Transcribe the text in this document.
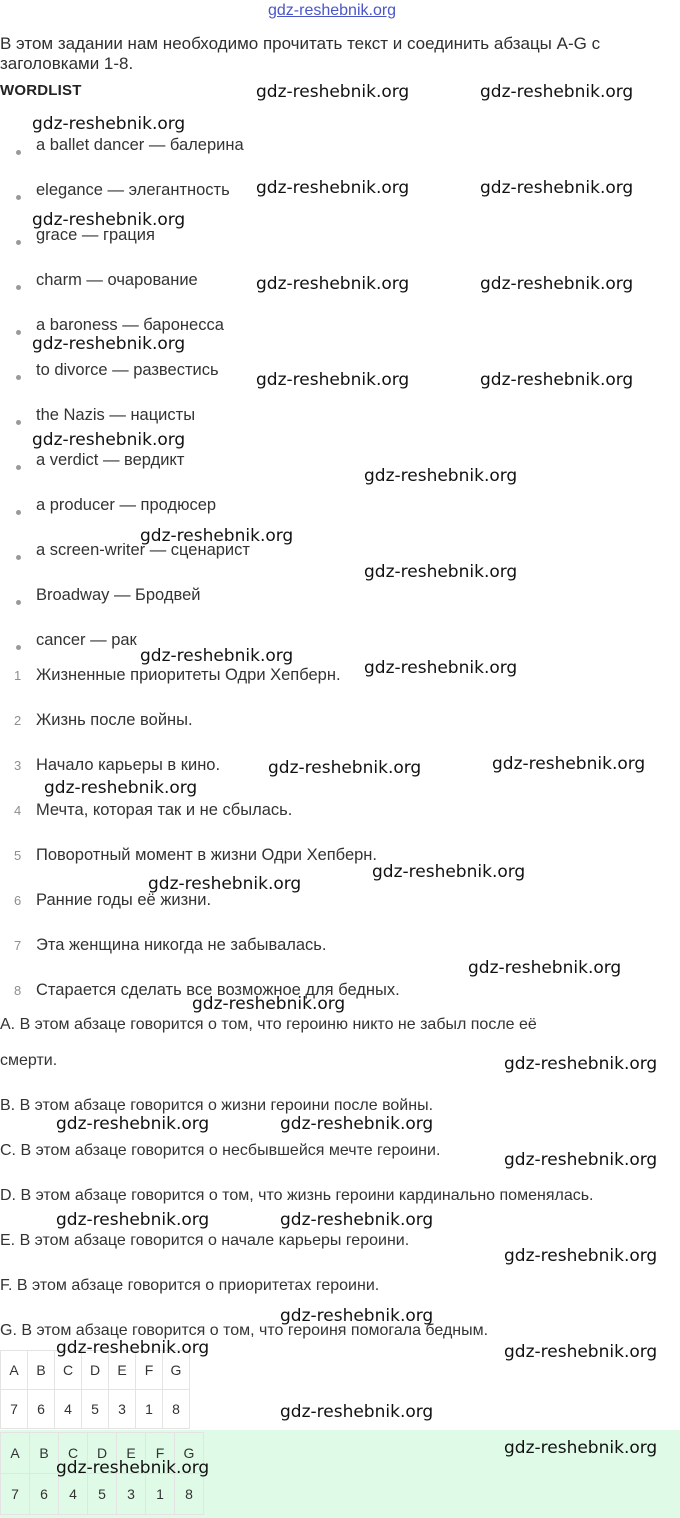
gdz-reshebnik.org
В этом задании нам необходимо прочитать текст и соединить абзацы A-G с
заголовками 1-8.
WORDLIST
a ballet dancer — балерина
elegance — элегантность
grace — грация
charm — очарование
a baroness — баронесса
to divorce — развестись
the Nazis — нацисты
a verdict — вердикт
a producer — продюсер
a screen-writer — сценарист
Broadway — Бродвей
cancer — рак
1 Жизненные приоритеты Одри Хепберн.
2 Жизнь после войны.
3 Начало карьеры в кино.
4 Мечта, которая так и не сбылась.
5 Поворотный момент в жизни Одри Хепберн.
6 Ранние годы её жизни.
7 Эта женщина никогда не забывалась.
8 Старается сделать все возможное для бедных.
A. В этом абзаце говорится о том, что героиню никто не забыл после её
смерти.
B. В этом абзаце говорится о жизни героини после войны.
C. В этом абзаце говорится о несбывшейся мечте героини.
D. В этом абзаце говорится о том, что жизнь героини кардинально поменялась.
E. В этом абзаце говорится о начале карьеры героини.
F. В этом абзаце говорится о приоритетах героини.
G. В этом абзаце говорится о том, что героиня помогала бедным.
A	B	C	D	E	F	G
7	6	4	5	3	1	8
A	B	C	D	E	F	G
7	6	4	5	3	1	8
gdz-reshebnik.org	gdz-reshebnik.org
gdz-reshebnik.org
gdz-reshebnik.org	gdz-reshebnik.org
gdz-reshebnik.org
gdz-reshebnik.org	gdz-reshebnik.org
gdz-reshebnik.org
gdz-reshebnik.org	gdz-reshebnik.org
gdz-reshebnik.org
gdz-reshebnik.org
gdz-reshebnik.org
gdz-reshebnik.org
gdz-reshebnik.org
gdz-reshebnik.org
gdz-reshebnik.org	gdz-reshebnik.org
gdz-reshebnik.org
gdz-reshebnik.org
gdz-reshebnik.org
gdz-reshebnik.org
gdz-reshebnik.org
gdz-reshebnik.org
gdz-reshebnik.org	gdz-reshebnik.org
gdz-reshebnik.org
gdz-reshebnik.org	gdz-reshebnik.org
gdz-reshebnik.org
gdz-reshebnik.org
gdz-reshebnik.org	gdz-reshebnik.org
gdz-reshebnik.org
gdz-reshebnik.org
gdz-reshebnik.org
